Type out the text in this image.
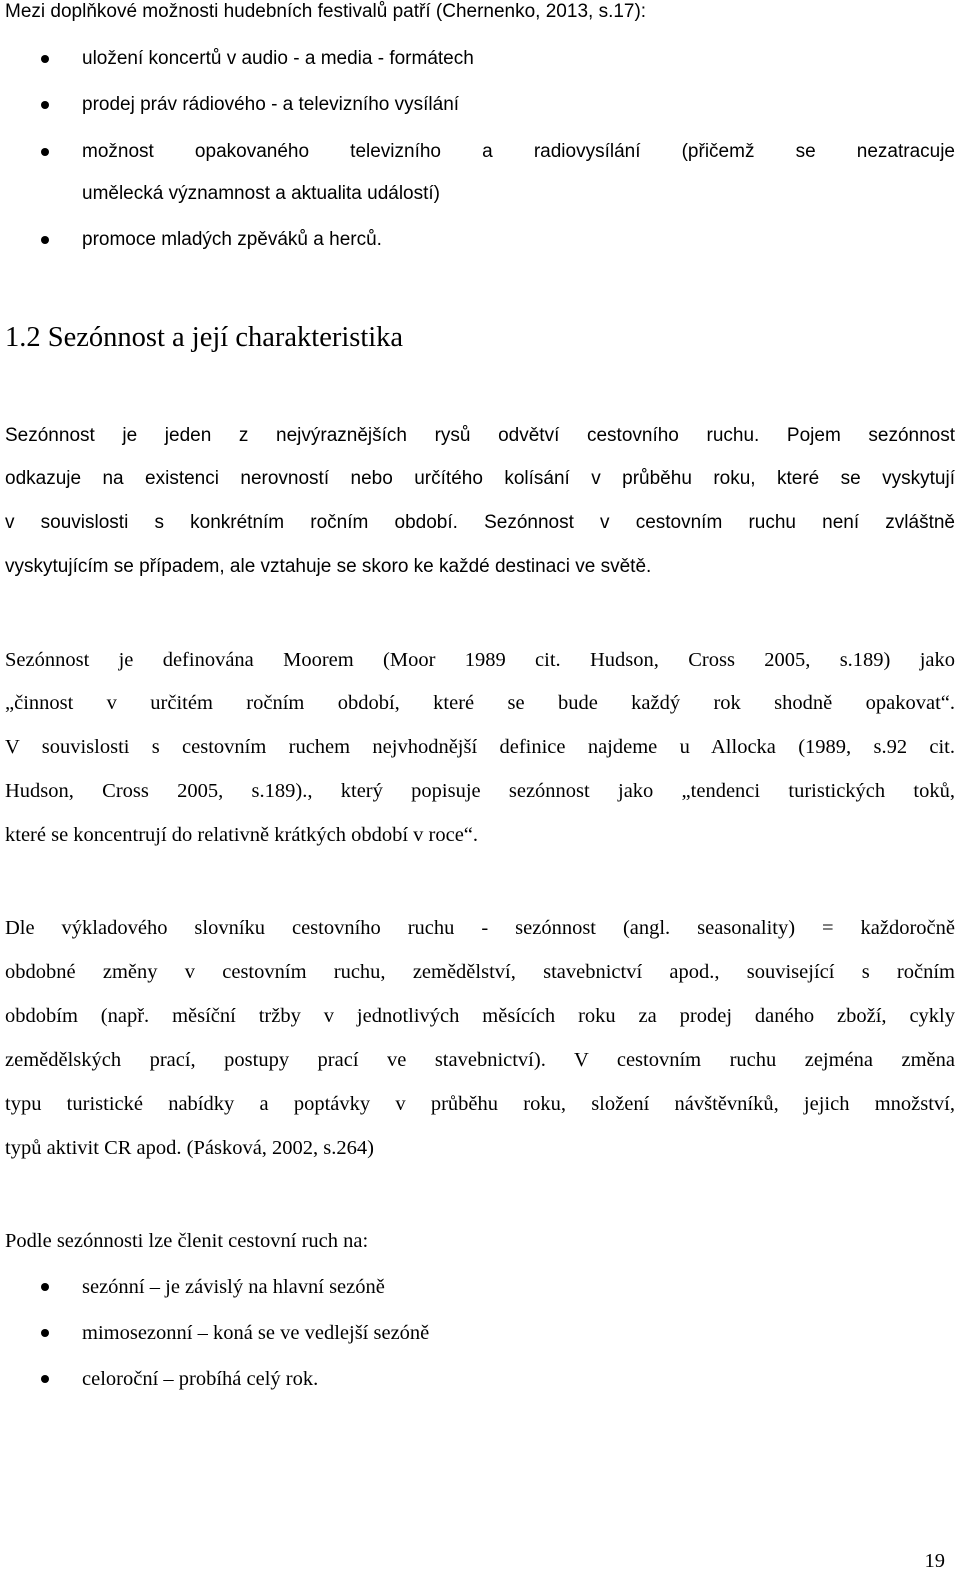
Mezi doplňkové možnosti hudebních festivalů patří (Chernenko, 2013, s.17):
uložení koncertů v audio - a media - formátech
prodej práv rádiového - a televizního vysílání
možnost opakovaného televizního a radiovysílání (přičemž se nezatracuje
umělecká významnost a aktualita událostí)
promoce mladých zpěváků a herců.
1.2 Sezónnost a její charakteristika
Sezónnost je jeden z nejvýraznějších rysů odvětví cestovního ruchu. Pojem sezónnost
odkazuje na existenci nerovností nebo určítého kolísání v průběhu roku, které se vyskytují
v souvislosti s konkrétním ročním období. Sezónnost v cestovním ruchu není zvláštně
vyskytujícím se případem, ale vztahuje se skoro ke každé destinaci ve světě.
Sezónnost je definována Moorem (Moor 1989 cit. Hudson, Cross 2005, s.189) jako
„činnost v určitém ročním období, které se bude každý rok shodně opakovat“.
V souvislosti s cestovním ruchem nejvhodnější definice najdeme u Allocka (1989, s.92 cit.
Hudson, Cross 2005, s.189)., který popisuje sezónnost jako „tendenci turistických toků,
které se koncentrují do relativně krátkých období v roce“.
Dle výkladového slovníku cestovního ruchu - sezónnost (angl. seasonality) = každoročně
obdobné změny v cestovním ruchu, zemědělství, stavebnictví apod., související s ročním
obdobím (např. měsíční tržby v jednotlivých měsících roku za prodej daného zboží, cykly
zemědělských prací, postupy prací ve stavebnictví). V cestovním ruchu zejména změna
typu turistické nabídky a poptávky v průběhu roku, složení návštěvníků, jejich množství,
typů aktivit CR apod. (Pásková, 2002, s.264)
Podle sezónnosti lze členit cestovní ruch na:
sezónní – je závislý na hlavní sezóně
mimosezonní – koná se ve vedlejší sezóně
celoroční – probíhá celý rok.
19
